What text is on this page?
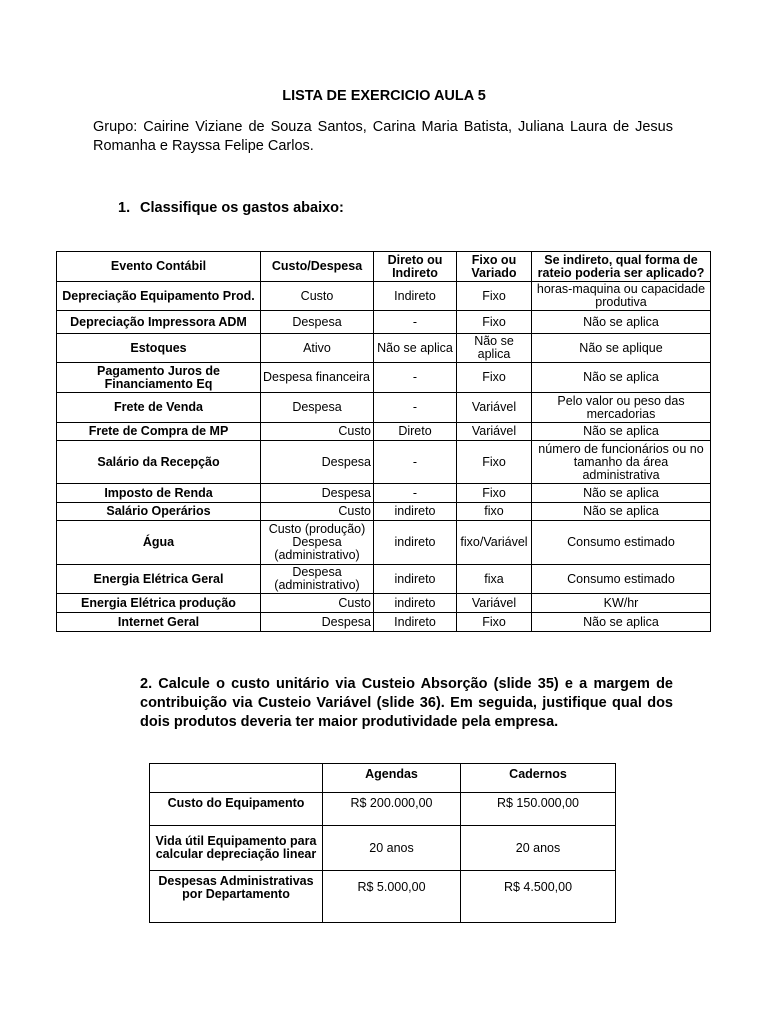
LISTA DE EXERCICIO AULA 5
Grupo: Cairine Viziane de Souza Santos, Carina Maria Batista, Juliana Laura de Jesus Romanha e Rayssa Felipe Carlos.
1. Classifique os gastos abaixo:
Evento Contábil	Custo/Despesa	Direto ou Indireto	Fixo ou Variado	Se indireto, qual forma de rateio poderia ser aplicado?
Depreciação Equipamento Prod.	Custo	Indireto	Fixo	horas-maquina ou capacidade produtiva
Depreciação Impressora ADM	Despesa	-	Fixo	Não se aplica
Estoques	Ativo	Não se aplica	Não se aplica	Não se aplique
Pagamento Juros de Financiamento Eq	Despesa financeira	-	Fixo	Não se aplica
Frete de Venda	Despesa	-	Variável	Pelo valor ou peso das mercadorias
Frete de Compra de MP	Custo	Direto	Variável	Não se aplica
Salário da Recepção	Despesa	-	Fixo	número de funcionários ou no tamanho da área administrativa
Imposto de Renda	Despesa	-	Fixo	Não se aplica
Salário Operários	Custo	indireto	fixo	Não se aplica
Água	Custo (produção) Despesa (administrativo)	indireto	fixo/Variável	Consumo estimado
Energia Elétrica Geral	Despesa (administrativo)	indireto	fixa	Consumo estimado
Energia Elétrica produção	Custo	indireto	Variável	KW/hr
Internet Geral	Despesa	Indireto	Fixo	Não se aplica
2. Calcule o custo unitário via Custeio Absorção (slide 35) e a margem de contribuição via Custeio Variável (slide 36). Em seguida, justifique qual dos dois produtos deveria ter maior produtividade pela empresa.
	Agendas	Cadernos
Custo do Equipamento	R$ 200.000,00	R$ 150.000,00
Vida útil Equipamento para calcular depreciação linear	20 anos	20 anos
Despesas Administrativas por Departamento	R$ 5.000,00	R$ 4.500,00
